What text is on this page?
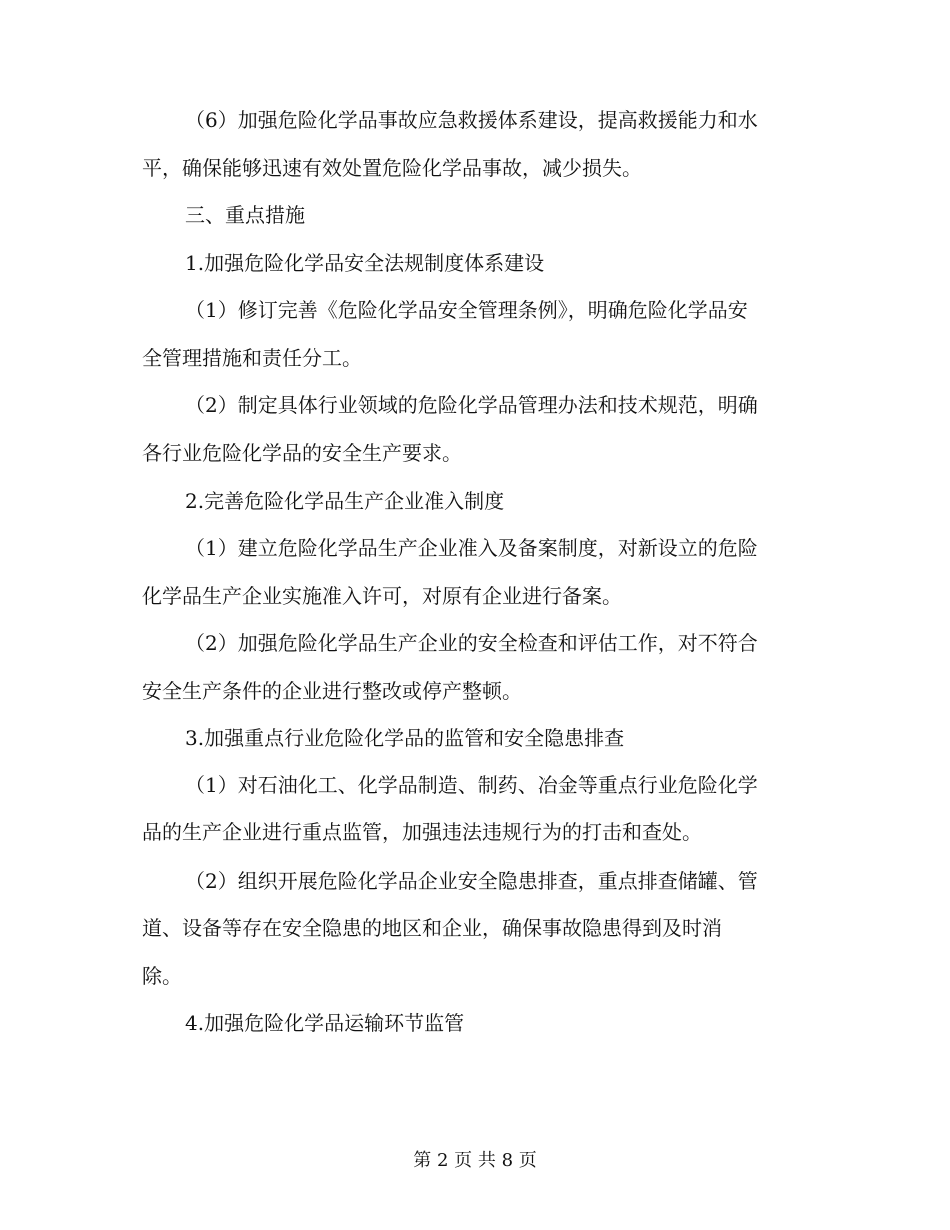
（6）加强危险化学品事故应急救援体系建设，提高救援能力和水
平，确保能够迅速有效处置危险化学品事故，减少损失。
三、重点措施
1.加强危险化学品安全法规制度体系建设
（1）修订完善《危险化学品安全管理条例》，明确危险化学品安
全管理措施和责任分工。
（2）制定具体行业领域的危险化学品管理办法和技术规范，明确
各行业危险化学品的安全生产要求。
2.完善危险化学品生产企业准入制度
（1）建立危险化学品生产企业准入及备案制度，对新设立的危险
化学品生产企业实施准入许可，对原有企业进行备案。
（2）加强危险化学品生产企业的安全检查和评估工作，对不符合
安全生产条件的企业进行整改或停产整顿。
3.加强重点行业危险化学品的监管和安全隐患排查
（1）对石油化工、化学品制造、制药、冶金等重点行业危险化学
品的生产企业进行重点监管，加强违法违规行为的打击和查处。
（2）组织开展危险化学品企业安全隐患排查，重点排查储罐、管
道、设备等存在安全隐患的地区和企业，确保事故隐患得到及时消
除。
4.加强危险化学品运输环节监管
第 2 页 共 8 页
